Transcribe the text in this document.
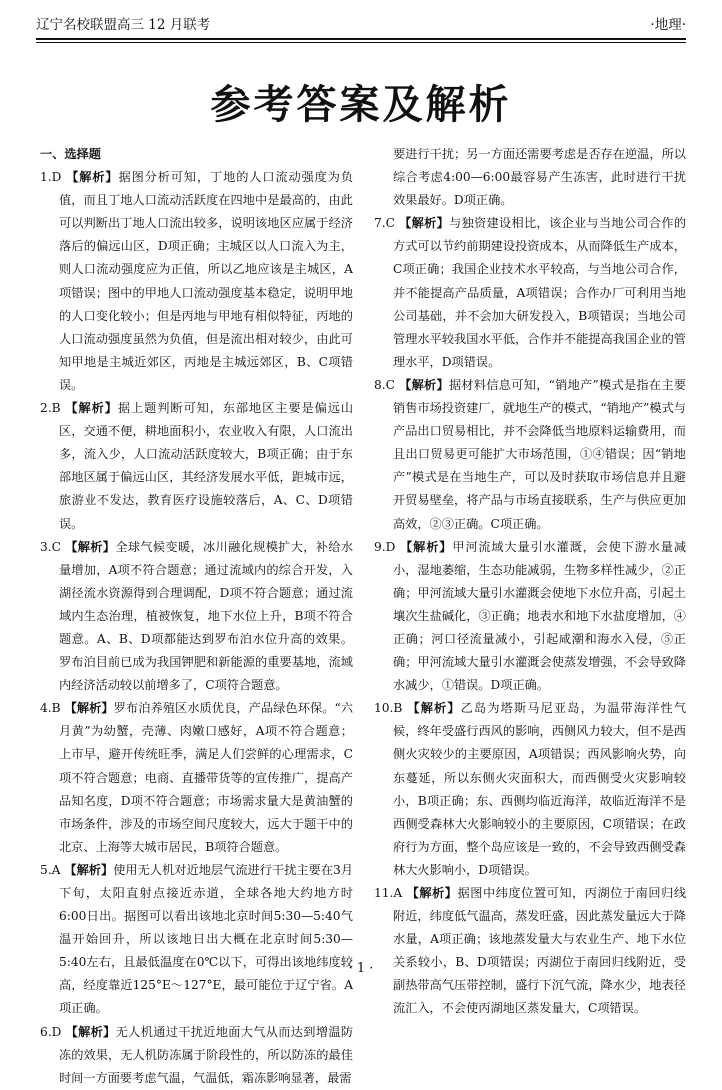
辽宁名校联盟高三 12 月联考	·地理·
参考答案及解析

一、选择题

1.D 【解析】据图分析可知，丁地的人口流动强度为负值，而且丁地人口流动活跃度在四地中是最高的，由此可以判断出丁地人口流出较多，说明该地区应属于经济落后的偏远山区，D项正确；主城区以人口流入为主，则人口流动强度应为正值，所以乙地应该是主城区，A项错误；图中的甲地人口流动强度基本稳定，说明甲地的人口变化较小；但是丙地与甲地有相似特征，丙地的人口流动强度虽然为负值，但是流出相对较少，由此可知甲地是主城近郊区，丙地是主城远郊区，B、C项错误。

2.B 【解析】据上题判断可知，东部地区主要是偏远山区，交通不便，耕地面积小，农业收入有限，人口流出多，流入少，人口流动活跃度较大，B项正确；由于东部地区属于偏远山区，其经济发展水平低，距城市远，旅游业不发达，教育医疗设施较落后，A、C、D项错误。

3.C 【解析】全球气候变暖，冰川融化规模扩大，补给水量增加，A项不符合题意；通过流域内的综合开发，入湖径流水资源得到合理调配，D项不符合题意；通过流域内生态治理，植被恢复，地下水位上升，B项不符合题意。A、B、D项都能达到罗布泊水位升高的效果。罗布泊目前已成为我国钾肥和新能源的重要基地，流域内经济活动较以前增多了，C项符合题意。

4.B 【解析】罗布泊养殖区水质优良，产品绿色环保。“六月黄”为幼蟹，壳薄、肉嫩口感好，A项不符合题意；上市早，避开传统旺季，满足人们尝鲜的心理需求，C项不符合题意；电商、直播带货等的宣传推广，提高产品知名度，D项不符合题意；市场需求量大是黄油蟹的市场条件，涉及的市场空间尺度较大，远大于题干中的北京、上海等大城市居民，B项符合题意。

5.A 【解析】使用无人机对近地层气流进行干扰主要在3月下旬，太阳直射点接近赤道，全球各地大约地方时6:00日出。据图可以看出该地北京时间5:30—5:40气温开始回升，所以该地日出大概在北京时间5:30—5:40左右，且最低温度在0℃以下，可得出该地纬度较高，经度靠近125°E～127°E，最可能位于辽宁省。A项正确。

6.D 【解析】无人机通过干扰近地面大气从而达到增温防冻的效果，无人机防冻属于阶段性的，所以防冻的最佳时间一方面要考虑气温，气温低，霜冻影响显著，最需

要进行干扰；另一方面还需要考虑是否存在逆温，所以综合考虑4:00—6:00最容易产生冻害，此时进行干扰效果最好。D项正确。

7.C 【解析】与独资建设相比，该企业与当地公司合作的方式可以节约前期建设投资成本，从而降低生产成本，C项正确；我国企业技术水平较高，与当地公司合作，并不能提高产品质量，A项错误；合作办厂可利用当地公司基础，并不会加大研发投入，B项错误；当地公司管理水平较我国水平低，合作并不能提高我国企业的管理水平，D项错误。

8.C 【解析】据材料信息可知，“销地产”模式是指在主要销售市场投资建厂，就地生产的模式，“销地产”模式与产品出口贸易相比，并不会降低当地原料运输费用，而且出口贸易更可能扩大市场范围，①④错误；因“销地产”模式是在当地生产，可以及时获取市场信息并且避开贸易壁垒，将产品与市场直接联系，生产与供应更加高效，②③正确。C项正确。

9.D 【解析】甲河流域大量引水灌溉，会使下游水量减小，湿地萎缩，生态功能减弱，生物多样性减少，②正确；甲河流域大量引水灌溉会使地下水位升高，引起土壤次生盐碱化，③正确；地表水和地下水盐度增加，④正确；河口径流量减小，引起咸潮和海水入侵，⑤正确；甲河流域大量引水灌溉会使蒸发增强，不会导致降水减少，①错误。D项正确。

10.B 【解析】乙岛为塔斯马尼亚岛，为温带海洋性气候，终年受盛行西风的影响，西侧风力较大，但不是西侧火灾较少的主要原因，A项错误；西风影响火势，向东蔓延，所以东侧火灾面积大，而西侧受火灾影响较小，B项正确；东、西侧均临近海洋，故临近海洋不是西侧受森林大火影响较小的主要原因，C项错误；在政府行为方面，整个岛应该是一致的，不会导致西侧受森林大火影响小，D项错误。

11.A 【解析】据图中纬度位置可知，丙湖位于南回归线附近，纬度低气温高，蒸发旺盛，因此蒸发量远大于降水量，A项正确；该地蒸发量大与农业生产、地下水位关系较小，B、D项错误；丙湖位于南回归线附近，受副热带高气压带控制，盛行下沉气流，降水少，地表径流汇入，不会使丙湖地区蒸发量大，C项错误。

· 1 ·
